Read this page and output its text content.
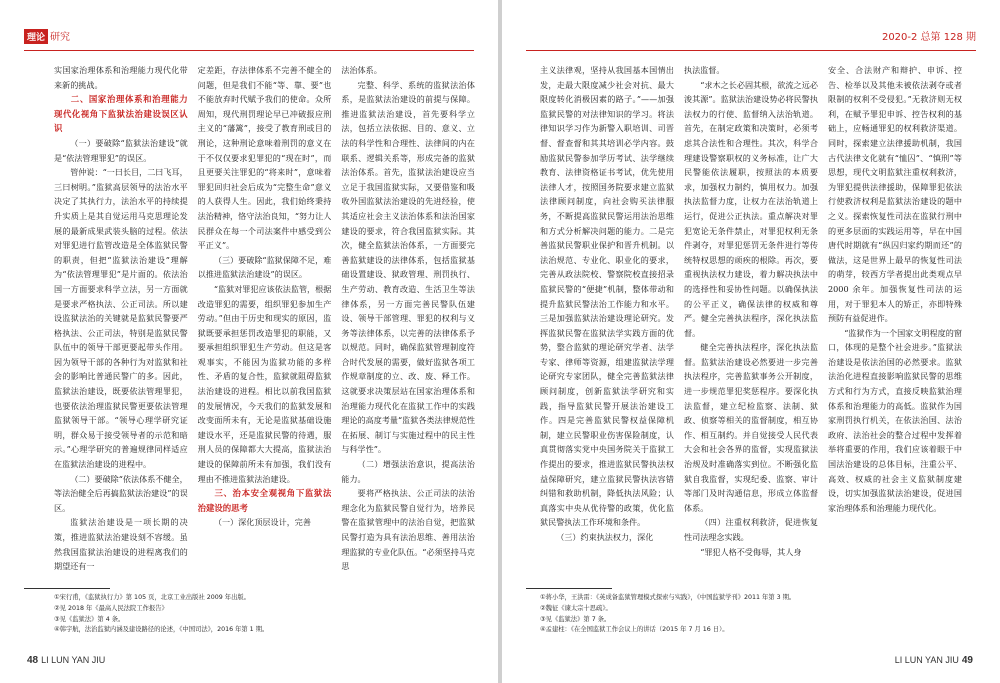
理论 研究

实国家治理体系和治理能力现代化带来新的挑战。

二、国家治理体系和治理能力现代化视角下监狱法治建设误区认识

（一）要破除“监狱法治建设”就是“依法管理罪犯”的误区。

管仲说：“一曰长目，二曰飞耳，三曰树明。”监狱高层领导的法治水平决定了其执行力，法治水平的持续提升实质上是其自觉运用马克思理论发展的最新成果武装头脑的过程。依法对罪犯进行监管改造是全体监狱民警的职责，但把“监狱法治建设”理解为“依法管理罪犯”是片面的。依法治国一方面要求科学立法，另一方面就是要求严格执法、公正司法。所以建设监狱法治的关键就是监狱民警要严格执法、公正司法，特别是监狱民警队伍中的领导干部更要起带头作用。因为领导干部的各种行为对监狱和社会的影响比普通民警广的多。因此，监狱法治建设，既要依法管理罪犯，也要依法治理监狱民警更要依法管理监狱领导干部。“领导心理学研究证明，群众易于接受领导者的示范和暗示。”心理学研究的普遍规律同样适应在监狱法治建设的进程中。

（二）要破除“依法体系不健全，等法治健全后再搞监狱法治建设”的误区。

监狱法治建设是一项长期的决策，推进监狱法治建设刻不容缓。虽然我国监狱法治建设的进程离我们的期望还有一

定差距，存法律体系不完善不健全的问题，但是我们不能“等、靠、要”也不能放弃时代赋予我们的使命。众所周知，现代刑罚理论早已冲破报应刑主义的“藩篱”，接受了教育刑或目的刑论，这种刑论意味着刑罚的意义在于不仅仅要求犯罪犯的“现在时”，而且更要关注罪犯的“将来时”，意味着罪犯回归社会后成为“完整生命”意义的人获得人生。因此，我们始终秉持法治精神，恪守法治良知，“努力让人民群众在每一个司法案件中感受到公平正义”。

（三）要破除“监狱保障不足，难以推进监狱法治建设”的误区。

“监狱对罪犯应该依法监管，根据改造罪犯的需要，组织罪犯参加生产劳动。”但由于历史和现实的原因，监狱既要承担惩罚改造罪犯的职能，又要承担组织罪犯生产劳动。但这是客观事实，不能因为监狱功能的多样性、矛盾的复合性，监狱就阻碍监狱法治建设的进程。相比以前我国监狱的发展情况，今天我们的监狱发展和改变面所未有，无论是监狱基础设施建设水平，还是监狱民警的待遇，服刑人员的保障都大大提高，监狱法治建设的保障前所未有加强，我们没有理由不推进监狱法治建设。

三、治本安全观视角下监狱法治建设的思考

（一）深化顶层设计，完善

法治体系。

完整、科学、系统的监狱法治体系，是监狱法治建设的前提与保障。推进监狱法治建设，首先要科学立法，包括立法依据、目的、意义、立法的科学性和合理性、法律间的内在联系、逻辑关系等，形成完备的监狱法治体系。首先，监狱法治建设应当立足于我国监狱实际，又要借鉴和吸收外国监狱法治建设的先进经验，使其适应社会主义法治体系和法治国家建设的要求，符合我国监狱实际。其次，健全监狱法治体系，一方面要完善监狱建设的法律体系，包括监狱基础设置建设、狱政管理、刑罚执行、生产劳动、教育改造、生活卫生等法律体系，另一方面完善民警队伍建设、领导干部管理、罪犯的权利与义务等法律体系，以完善的法律体系予以规范。同时，确保监狱管理制度符合时代发展的需要，做好监狱各项工作规章制度的立、改、废、释工作。这就要求决策层站在国家治理体系和治理能力现代化在监狱工作中的实践理论的高度考量“监狱各类法律规范性在拓展、制订与实施过程中的民主性与科学性”。

（二）增强法治意识，提高法治能力。

要将严格执法、公正司法的法治理念化为监狱民警自觉行为，培养民警在监狱管理中的法治自觉，把监狱民警打造为具有法治思维、善用法治理监狱的专业化队伍。“必须坚持马克思

①宋行甫，《监狱执行力》第 105 页，北京工业出版社 2009 年出版。
②见 2018 年《最高人民法院工作报告》
③见《监狱法》第 4 条。
④韩宇航，法治监狱内涵及建设路径的论述，《中国司法》，2016 年第 1 期。
48 LI LUN YAN JIU
2020-2 总第 128 期

主义法律观，坚持从我国基本国情出发，走最大限度减少社会对抗、最大限度转化消极因素的路子。”——加强监狱民警的对法律知识的学习。将法律知识学习作为新警入职培训、司晋督、督查督和其其培训必学内容。鼓励监狱民警参加学历考试、法学继续教育、法律资格证书考试，优先使用法律人才，按照国务院要求建立监狱法律顾问制度，向社会购买法律服务，不断提高监狱民警运用法治思维和方式分析解决问题的能力。二是完善监狱民警职业保护和晋升机制。以法治规范、专业化、职业化的要求，完善从政法院校、警察院校直接招录监狱民警的“便捷”机制，整体带动和提升监狱民警法治工作能力和水平。三是加强监狱法治建设理论研究。发挥监狱民警在监狱法学实践方面的优势，整合监狱的理论研究学者、法学专家、律师等资源，组建监狱法学理论研究专家团队，健全完善监狱法律顾问制度，创新监狱法学研究和实践，指导监狱民警开展法治建设工作。四是完善监狱民警权益保障机制，建立民警职业伤害保险制度，认真贯彻落实党中央国务院关于监狱工作提出的要求，推进监狱民警执法权益保障研究，建立监狱民警执法容错纠错和救助机制，降低执法风险；认真落实中央从优待警的政策，优化监狱民警执法工作环境和条件。

（三）约束执法权力，深化

执法监督。

“求木之长必固其根，欲流之远必浚其源”。监狱法治建设势必将民警执法权力的行使、监督纳入法治轨道。首先，在制定政策和决策时，必须考虑其合法性和合理性。其次，科学合理建设警察职权的义务标准，让广大民警能依法履职，按照法的本质要求，加强权力制约，慎用权力。加强执法监督力度，让权力在法治轨道上运行，促进公正执法。重点解决对罪犯宽论无条件禁止，对罪犯权利无条件剥夺，对罪犯惩罚无条件进行等传统特权思想的顽疾的根除。再次，要重视执法权力建设，着力解决执法中的选择性和妥协性问题。以确保执法的公平正义，确保法律的权威和尊严。健全完善执法程序，深化执法监督。

健全完善执法程序，深化执法监督。监狱法治建设必然要进一步完善执法程序，完善监狱事务公开制度，进一步规范罪犯奖惩程序。要深化执法监督，建立纪检监察、法制、狱政、侦察等相关的监督制度，相互协作、相互制约。并自觉接受人民代表大会和社会各界的监督，实现监狱法治规及时准确落实到位。不断强化监狱自我监督，实现纪委、监察、审计等部门及时沟通信息，形成立体监督体系。

（四）注重权利救济，促进恢复性司法理念实践。

“罪犯人格不受侮辱，其人身

安全、合法财产和辩护、申诉、控告、检举以及其他未被依法剥夺或者限制的权利不受侵犯。”无救济则无权利，在赋予罪犯申诉、控告权利的基础上，应畅通罪犯的权利救济渠道。同时，探索建立法律援助机制，我国古代法律文化就有“恤囚”、“慎刑”等思想，现代文明监狱注重权利救济，为罪犯提供法律援助，保障罪犯依法行使救济权利是监狱法治建设的题中之义。探索恢复性司法在监狱行刑中的更多层面的实践运用等，早在中国唐代时期就有“纵囚归家约期而还”的做法，这是世界上最早的恢复性司法的萌芽，较西方学者提出此类观点早 2000 余年。加强恢复性司法的运用，对于罪犯本人的矫正，亦即特殊预防有益促进作。

“监狱作为一个国家文明程度的窗口，体现的是整个社会进步。”监狱法治建设是依法治国的必然要求。监狱法治化进程直接影响监狱民警的思维方式和行为方式，直接反映监狱治理体系和治理能力的高低。监狱作为国家刑罚执行机关，在依法治国、法治政府、法治社会的整合过程中发挥着举将重要的作用，我们应该着眼于中国法治建设的总体目标，注重公平、高效、权威的社会主义监狱制度建设，切实加强监狱法治建设，促进国家治理体系和治理能力现代化。

①蒋小华，王洪雷：《英成备监狱管理模式探索与实践》，《中国监狱学刊》2011 年第 3 期。
②魏征《谏太宗十思疏》。
③见《监狱法》第 7 条。
④孟建柱：《在全国监狱工作会议上的讲话（2015 年 7 月 16 日）。
LI LUN YAN JIU 49
